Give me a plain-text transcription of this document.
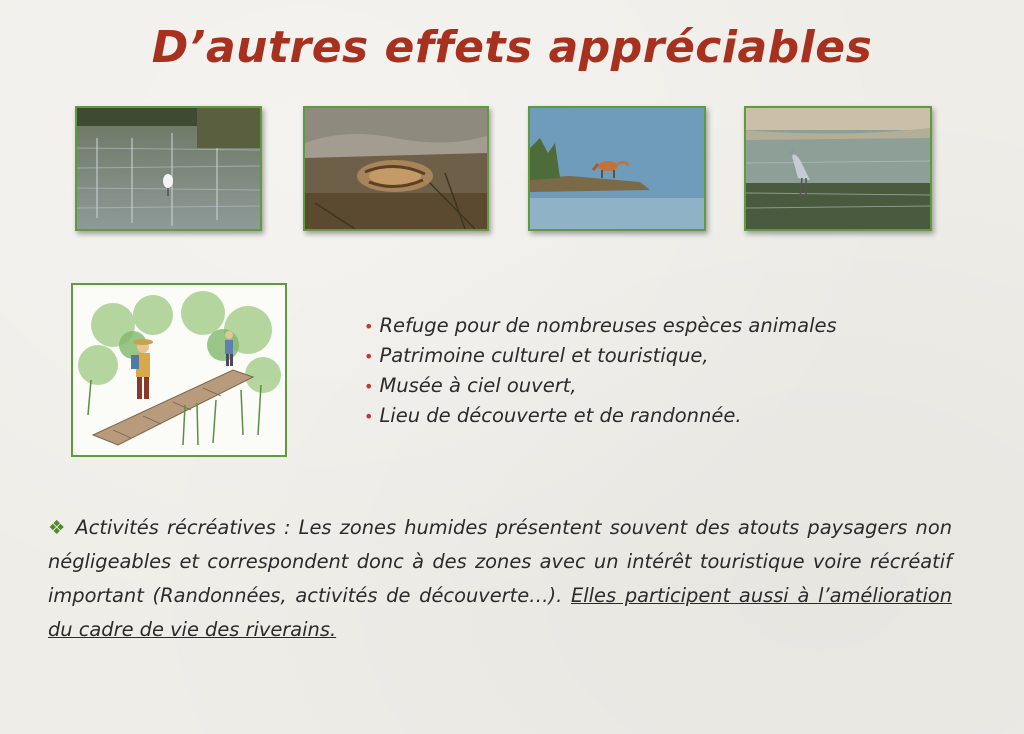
D’autres effets appréciables
• Refuge pour de nombreuses espèces animales
• Patrimoine culturel et touristique,
• Musée à ciel ouvert,
• Lieu de découverte et de randonnée.
❖ Activités récréatives : Les zones humides présentent souvent des atouts paysagers non négligeables et correspondent donc à des zones avec un intérêt touristique voire récréatif important (Randonnées, activités de découverte…). Elles participent aussi à l’amélioration du cadre de vie des riverains.
